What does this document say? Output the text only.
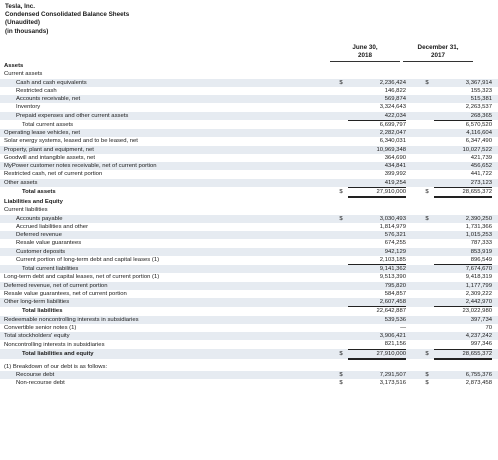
Tesla, Inc.
Condensed Consolidated Balance Sheets
(Unaudited)
(in thousands)
June 30,
2018
December 31,
2017
Assets						
Current assets						
Cash and cash equivalents	$	2,236,424		$	3,367,914	
Restricted cash		146,822			155,323	
Accounts receivable, net		569,874			515,381	
Inventory		3,324,643			2,263,537	
Prepaid expenses and other current assets		422,034			268,365	
Total current assets		6,699,797			6,570,520	
Operating lease vehicles, net		2,282,047			4,116,604	
Solar energy systems, leased and to be leased, net		6,340,031			6,347,490	
Property, plant and equipment, net		10,969,348			10,027,522	
Goodwill and intangible assets, net		364,690			421,739	
MyPower customer notes receivable, net of current portion		434,841			456,652	
Restricted cash, net of current portion		399,992			441,722	
Other assets		419,254			273,123	
Total assets	$	27,910,000		$	28,655,372	
Liabilities and Equity						
Current liabilities						
Accounts payable	$	3,030,493		$	2,390,250	
Accrued liabilities and other		1,814,979			1,731,366	
Deferred revenue		576,321			1,015,253	
Resale value guarantees		674,255			787,333	
Customer deposits		942,129			853,919	
Current portion of long-term debt and capital leases (1)		2,103,185			896,549	
Total current liabilities		9,141,362			7,674,670	
Long-term debt and capital leases, net of current portion (1)		9,513,390			9,418,319	
Deferred revenue, net of current portion		795,820			1,177,799	
Resale value guarantees, net of current portion		584,857			2,309,222	
Other long-term liabilities		2,607,458			2,442,970	
Total liabilities		22,642,887			23,022,980	
Redeemable noncontrolling interests in subsidiaries		539,536			397,734	
Convertible senior notes (1)		—			70	
Total stockholders' equity		3,906,421			4,237,242	
Noncontrolling interests in subsidiaries		821,156			997,346	
Total liabilities and equity	$	27,910,000		$	28,655,372	

(1) Breakdown of our debt is as follows:						
Recourse debt	$	7,291,507		$	6,755,376	
Non-recourse debt	$	3,173,516		$	2,873,458	
